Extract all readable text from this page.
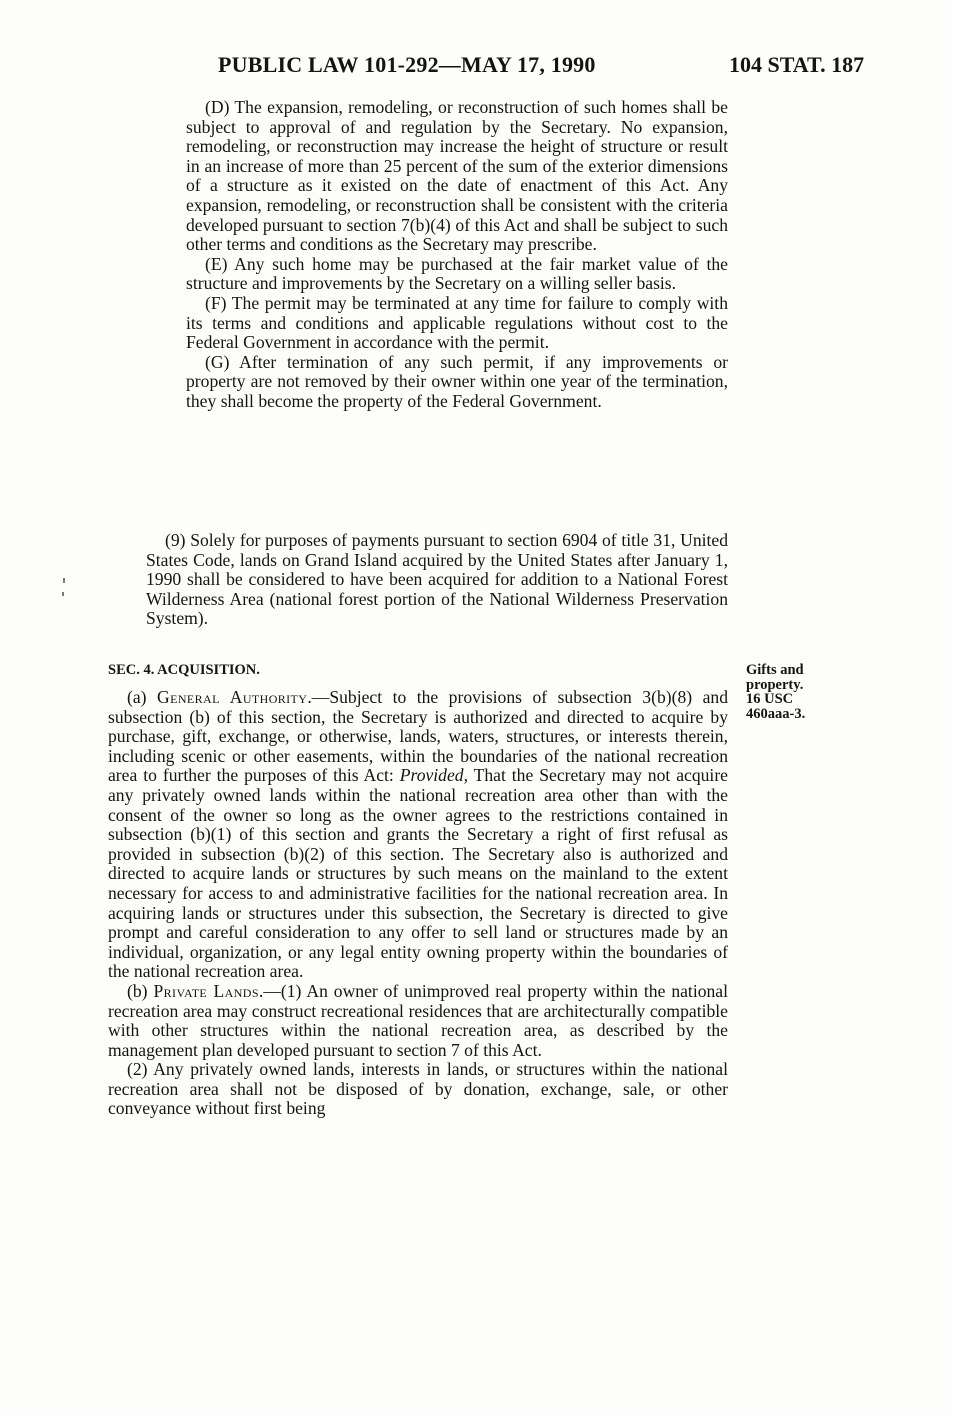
PUBLIC LAW 101-292—MAY 17, 1990	104 STAT. 187

(D) The expansion, remodeling, or reconstruction of such homes shall be subject to approval of and regulation by the Secretary. No expansion, remodeling, or reconstruction may increase the height of structure or result in an increase of more than 25 percent of the sum of the exterior dimensions of a structure as it existed on the date of enactment of this Act. Any expansion, remodeling, or reconstruction shall be consistent with the criteria developed pursuant to section 7(b)(4) of this Act and shall be subject to such other terms and conditions as the Secretary may prescribe.

(E) Any such home may be purchased at the fair market value of the structure and improvements by the Secretary on a willing seller basis.

(F) The permit may be terminated at any time for failure to comply with its terms and conditions and applicable regulations without cost to the Federal Government in accordance with the permit.

(G) After termination of any such permit, if any improvements or property are not removed by their owner within one year of the termination, they shall become the property of the Federal Government.

(9) Solely for purposes of payments pursuant to section 6904 of title 31, United States Code, lands on Grand Island acquired by the United States after January 1, 1990 shall be considered to have been acquired for addition to a National Forest Wilderness Area (national forest portion of the National Wilderness Preservation System).

SEC. 4. ACQUISITION.	Gifts and
property.
16 USC
460aaa-3.

(a) General Authority.—Subject to the provisions of subsection 3(b)(8) and subsection (b) of this section, the Secretary is authorized and directed to acquire by purchase, gift, exchange, or otherwise, lands, waters, structures, or interests therein, including scenic or other easements, within the boundaries of the national recreation area to further the purposes of this Act: Provided, That the Secretary may not acquire any privately owned lands within the national recreation area other than with the consent of the owner so long as the owner agrees to the restrictions contained in subsection (b)(1) of this section and grants the Secretary a right of first refusal as provided in subsection (b)(2) of this section. The Secretary also is authorized and directed to acquire lands or structures by such means on the mainland to the extent necessary for access to and administrative facilities for the national recreation area. In acquiring lands or structures under this subsection, the Secretary is directed to give prompt and careful consideration to any offer to sell land or structures made by an individual, organization, or any legal entity owning property within the boundaries of the national recreation area.

(b) Private Lands.—(1) An owner of unimproved real property within the national recreation area may construct recreational residences that are architecturally compatible with other structures within the national recreation area, as described by the management plan developed pursuant to section 7 of this Act.

(2) Any privately owned lands, interests in lands, or structures within the national recreation area shall not be disposed of by donation, exchange, sale, or other conveyance without first being
